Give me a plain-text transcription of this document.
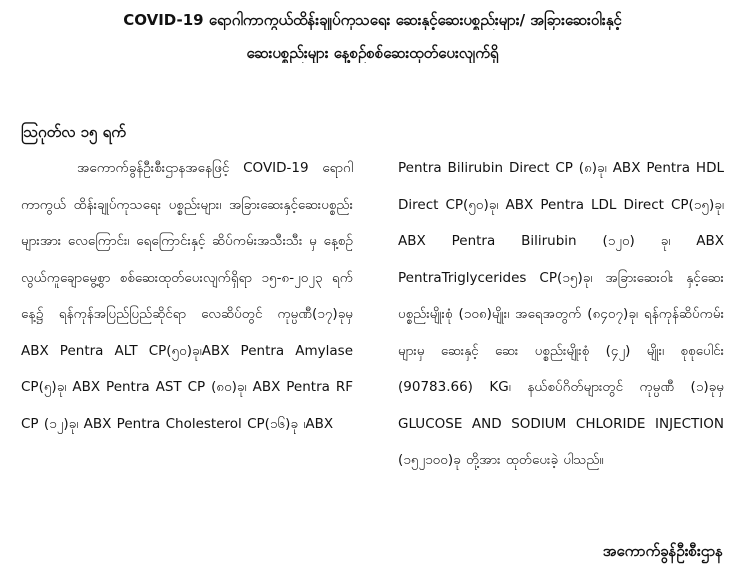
COVID-19 ရောဂါကာကွယ်ထိန်းချုပ်ကုသရေး ဆေးနှင့်ဆေးပစ္စည်းများ/ အခြားဆေးဝါးနှင့်
ဆေးပစ္စည်းများ နေ့စဉ်စစ်ဆေးထုတ်ပေးလျက်ရှိ
ဩဂုတ်လ ၁၅ ရက်

အကောက်ခွန်ဦးစီးဌာနအနေဖြင့် COVID-19 ရောဂါကာကွယ် ထိန်းချုပ်ကုသရေး ပစ္စည်းများ၊ အခြားဆေးနှင့်ဆေးပစ္စည်းများအား လေကြောင်း၊ ရေကြောင်းနှင့် ဆိပ်ကမ်းအသီးသီး မှ နေ့စဉ် လွယ်ကူချောမွေ့စွာ စစ်ဆေးထုတ်ပေးလျက်ရှိရာ ၁၅-၈-၂၀၂၃ ရက်နေ့၌ ရန်ကုန်အပြည်ပြည်ဆိုင်ရာ လေဆိပ်တွင် ကုမ္ပဏီ(၁၇)ခုမှ ABX Pentra ALT CP(၅၀)ခု၊ABX Pentra Amylase CP(၅)ခု၊ ABX Pentra AST CP (၈၀)ခု၊ ABX Pentra RF CP (၁၂)ခု၊ ABX Pentra Cholesterol CP(၁၆)ခု ၊ABX

Pentra Bilirubin Direct CP (၈)ခု၊ ABX Pentra HDL Direct CP(၅၀)ခု၊ ABX Pentra LDL Direct CP(၁၅)ခု၊ ABX Pentra Bilirubin (၁၂၀) ခု၊ ABX PentraTriglycerides CP(၁၅)ခု၊ အခြားဆေးဝါး နှင့်ဆေးပစ္စည်းမျိုးစုံ (၁၀၈)မျိုး၊ အရေအတွက် (၈၄၀၇)ခု၊ ရန်ကုန်ဆိပ်ကမ်းများမှ ဆေးနှင့် ဆေး ပစ္စည်းမျိုးစုံ (၄၂) မျိုး၊ စုစုပေါင်း (90783.66) KG၊ နယ်စပ်ဂိတ်များတွင် ကုမ္ပဏီ (၁)ခုမှ GLUCOSE AND SODIUM CHLORIDE INJECTION (၁၅၂၁၀၀)ခု တို့အား ထုတ်ပေးခဲ့ ပါသည်။

အကောက်ခွန်ဦးစီးဌာန
